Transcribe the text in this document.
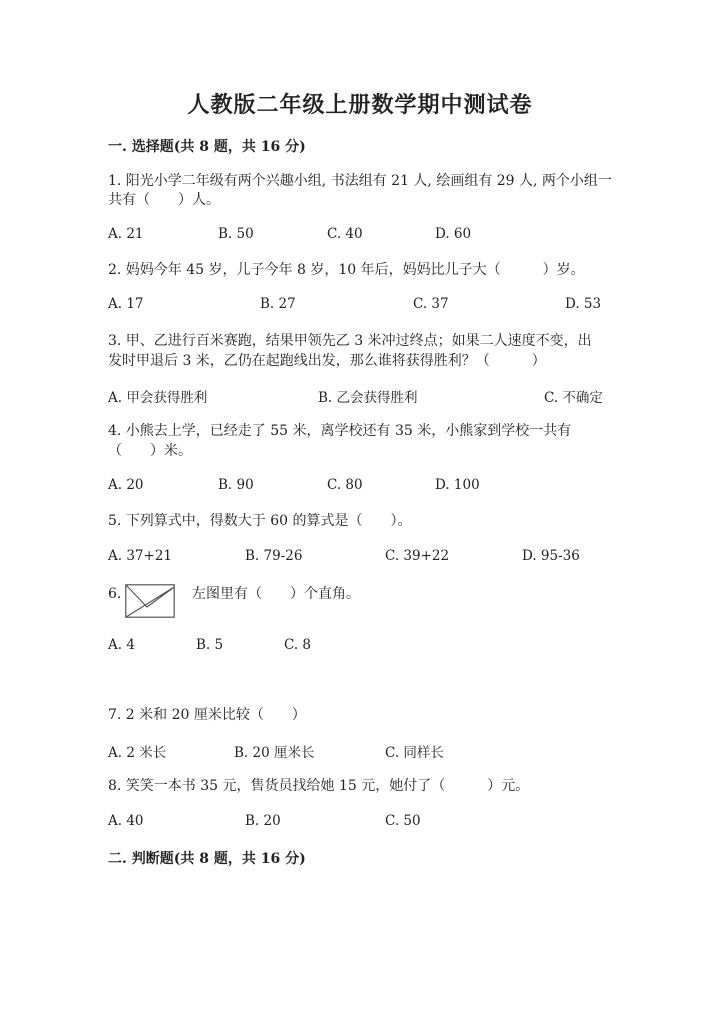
人教版二年级上册数学期中测试卷
一. 选择题(共 8 题，共 16 分)
1. 阳光小学二年级有两个兴趣小组, 书法组有 21 人, 绘画组有 29 人, 两个小组一
共有（　　）人。
A. 21	B. 50	C. 40	D. 60
2. 妈妈今年 45 岁，儿子今年 8 岁，10 年后，妈妈比儿子大（　　　）岁。
A. 17	B. 27	C. 37	D. 53
3. 甲、乙进行百米赛跑，结果甲领先乙 3 米冲过终点；如果二人速度不变，出
发时甲退后 3 米，乙仍在起跑线出发，那么谁将获得胜利？（　　　）
A. 甲会获得胜利	B. 乙会获得胜利	C. 不确定
4. 小熊去上学，已经走了 55 米，离学校还有 35 米，小熊家到学校一共有
（　　）米。
A. 20	B. 90	C. 80	D. 100
5. 下列算式中，得数大于 60 的算式是（　　）。
A. 37+21	B. 79-26	C. 39+22	D. 95-36
6.	左图里有（　　）个直角。
A. 4	B. 5	C. 8
7. 2 米和 20 厘米比较（　　）
A. 2 米长	B. 20 厘米长	C. 同样长
8. 笑笑一本书 35 元，售货员找给她 15 元，她付了（　　　）元。
A. 40	B. 20	C. 50
二. 判断题(共 8 题，共 16 分)
